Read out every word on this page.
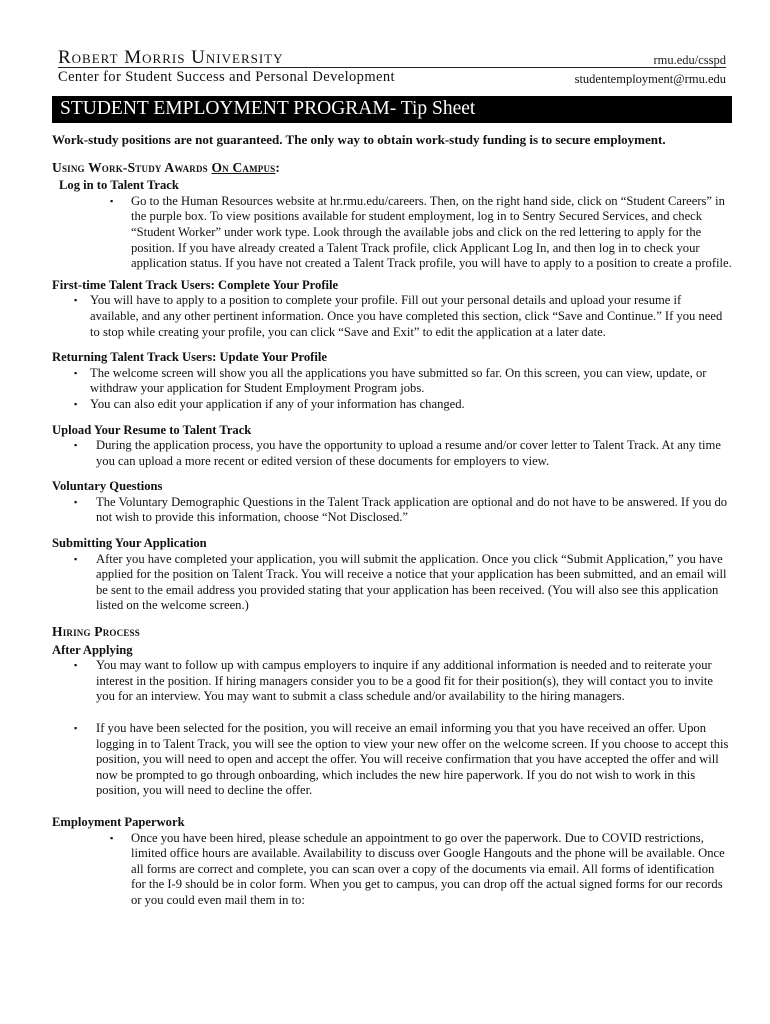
Robert Morris University	rmu.edu/csspd
Center for Student Success and Personal Development	studentemployment@rmu.edu
STUDENT EMPLOYMENT PROGRAM- Tip Sheet

Work-study positions are not guaranteed. The only way to obtain work-study funding is to secure employment.

Using Work-Study Awards On Campus:

Log in to Talent Track

▪ Go to the Human Resources website at hr.rmu.edu/careers. Then, on the right hand side, click on “Student Careers” in the purple box. To view positions available for student employment, log in to Sentry Secured Services, and check “Student Worker” under work type. Look through the available jobs and click on the red lettering to apply for the position. If you have already created a Talent Track profile, click Applicant Log In, and then log in to check your application status. If you have not created a Talent Track profile, you will have to apply to a position to create a profile.

First-time Talent Track Users: Complete Your Profile

▪ You will have to apply to a position to complete your profile. Fill out your personal details and upload your resume if available, and any other pertinent information. Once you have completed this section, click “Save and Continue.” If you need to stop while creating your profile, you can click “Save and Exit” to edit the application at a later date.

Returning Talent Track Users: Update Your Profile

▪ The welcome screen will show you all the applications you have submitted so far. On this screen, you can view, update, or withdraw your application for Student Employment Program jobs.
▪ You can also edit your application if any of your information has changed.

Upload Your Resume to Talent Track

▪ During the application process, you have the opportunity to upload a resume and/or cover letter to Talent Track. At any time you can upload a more recent or edited version of these documents for employers to view.

Voluntary Questions

▪ The Voluntary Demographic Questions in the Talent Track application are optional and do not have to be answered. If you do not wish to provide this information, choose “Not Disclosed.”

Submitting Your Application

▪ After you have completed your application, you will submit the application. Once you click “Submit Application,” you have applied for the position on Talent Track. You will receive a notice that your application has been submitted, and an email will be sent to the email address you provided stating that your application has been received. (You will also see this application listed on the welcome screen.)
Hiring Process

After Applying

▪ You may want to follow up with campus employers to inquire if any additional information is needed and to reiterate your interest in the position. If hiring managers consider you to be a good fit for their position(s), they will contact you to invite you for an interview. You may want to submit a class schedule and/or availability to the hiring managers.
▪ If you have been selected for the position, you will receive an email informing you that you have received an offer. Upon logging in to Talent Track, you will see the option to view your new offer on the welcome screen. If you choose to accept this position, you will need to open and accept the offer. You will receive confirmation that you have accepted the offer and will now be prompted to go through onboarding, which includes the new hire paperwork. If you do not wish to work in this position, you will need to decline the offer.

Employment Paperwork

▪ Once you have been hired, please schedule an appointment to go over the paperwork. Due to COVID restrictions, limited office hours are available. Availability to discuss over Google Hangouts and the phone will be available. Once all forms are correct and complete, you can scan over a copy of the documents via email. All forms of identification for the I-9 should be in color form. When you get to campus, you can drop off the actual signed forms for our records or you could even mail them in to:
